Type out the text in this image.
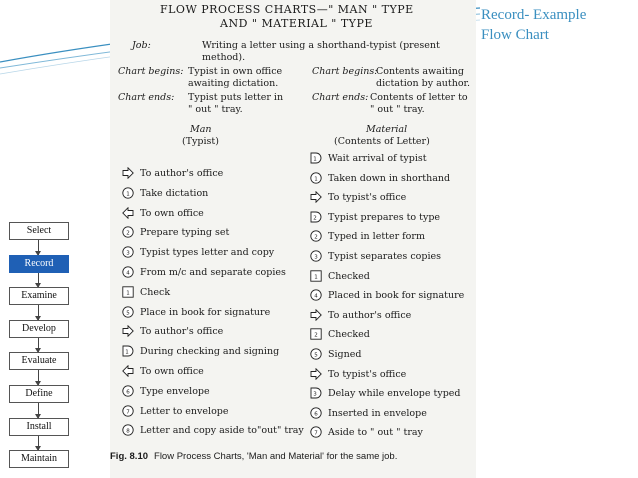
Record- Example
Flow Chart
Select
Record
Examine
Develop
Evaluate
Define
Install
Maintain
FLOW PROCESS CHARTS—" MAN " TYPE
AND " MATERIAL " TYPE
Job:	Writing a letter using a shorthand-typist (present
method).
Chart begins: Typist in own office
awaiting dictation.
Chart ends: Typist puts letter in
" out " tray.
Chart begins:
Contents awaiting
dictation by author.
Chart ends: Contents of letter to
" out " tray.
Man
(Typist)
Material
(Contents of Letter)
To author's office
1 Take dictation
To own office
2 Prepare typing set
3 Typist types letter and copy
4 From m/c and separate copies
1 Check
5 Place in book for signature
To author's office
1 During checking and signing
To own office
6 Type envelope
7 Letter to envelope
8 Letter and copy aside to"out" tray
1 Wait arrival of typist
1 Taken down in shorthand
To typist's office
2 Typist prepares to type
2 Typed in letter form
3 Typist separates copies
1 Checked
4 Placed in book for signature
To author's office
2 Checked
5 Signed
To typist's office
3 Delay while envelope typed
6 Inserted in envelope
7 Aside to " out " tray
Fig. 8.10 Flow Process Charts, 'Man and Material' for the same job.
